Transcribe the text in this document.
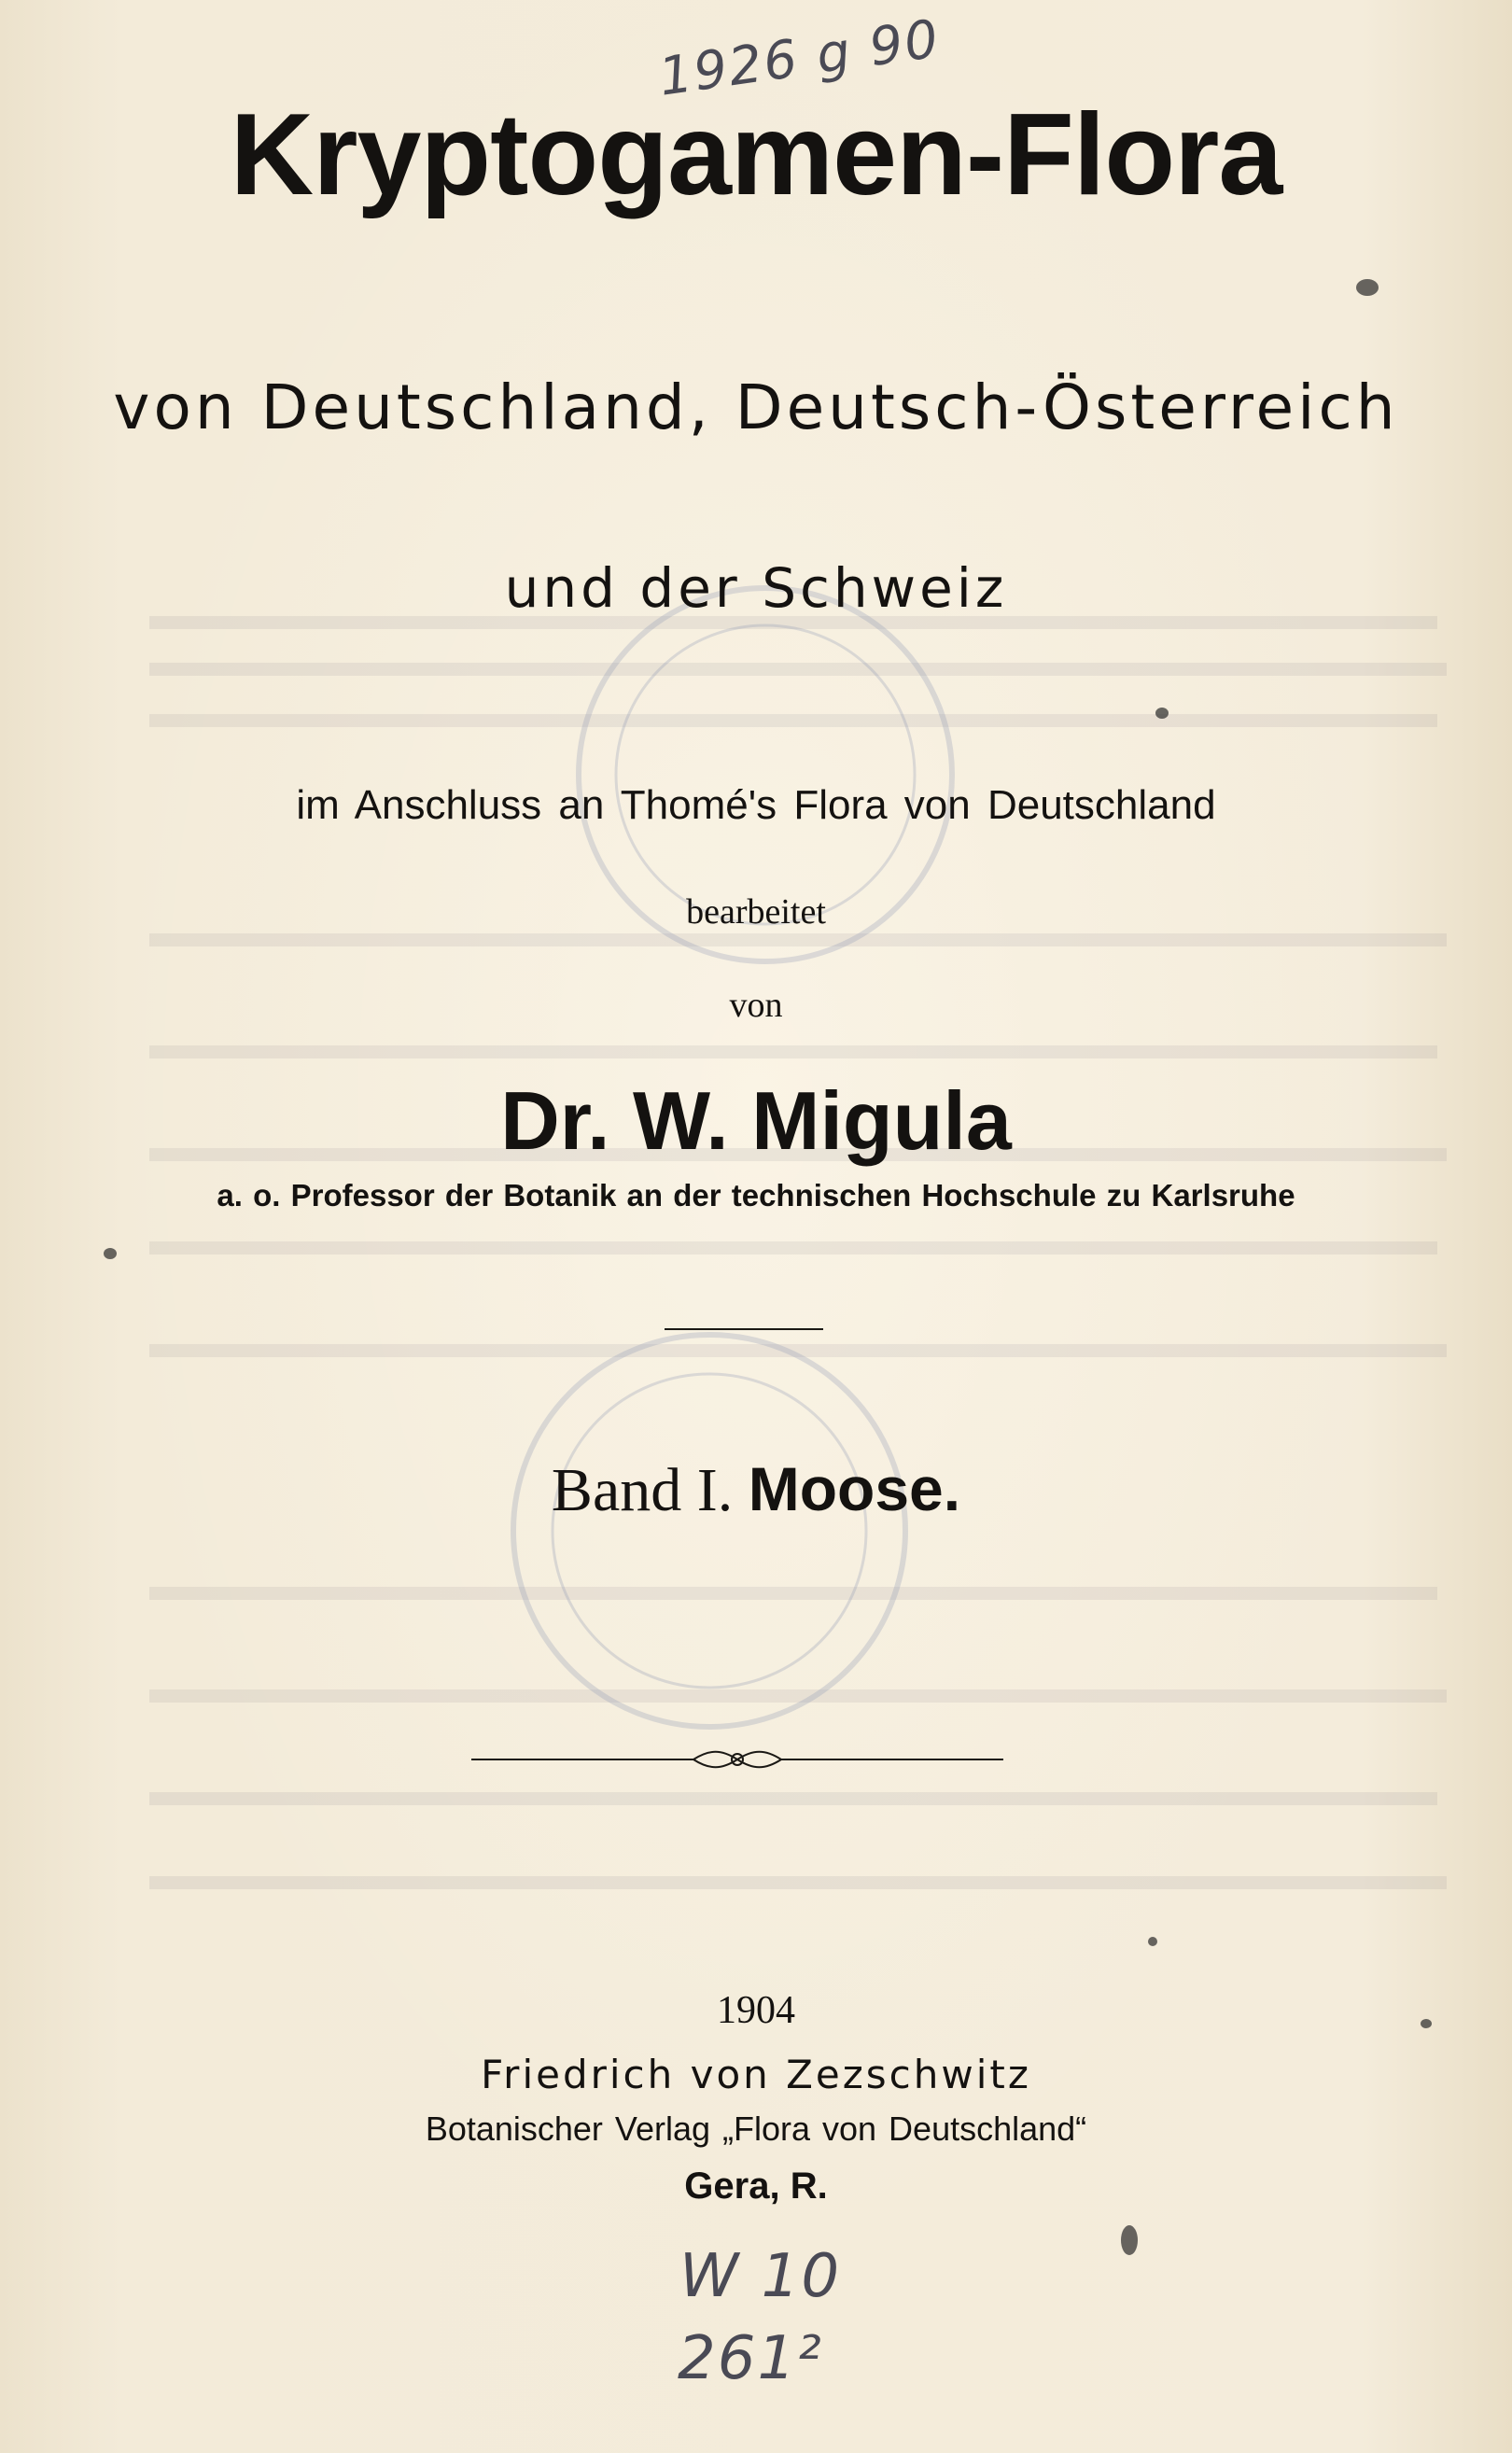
1926 g 90
Kryptogamen-Flora
von Deutschland, Deutsch-Österreich
und der Schweiz
im Anschluss an Thomé's Flora von Deutschland
bearbeitet
von
Dr. W. Migula
a. o. Professor der Botanik an der technischen Hochschule zu Karlsruhe
Band I. Moose.
1904
Friedrich von Zezschwitz
Botanischer Verlag „Flora von Deutschland“
Gera, R.
W 10
261²
